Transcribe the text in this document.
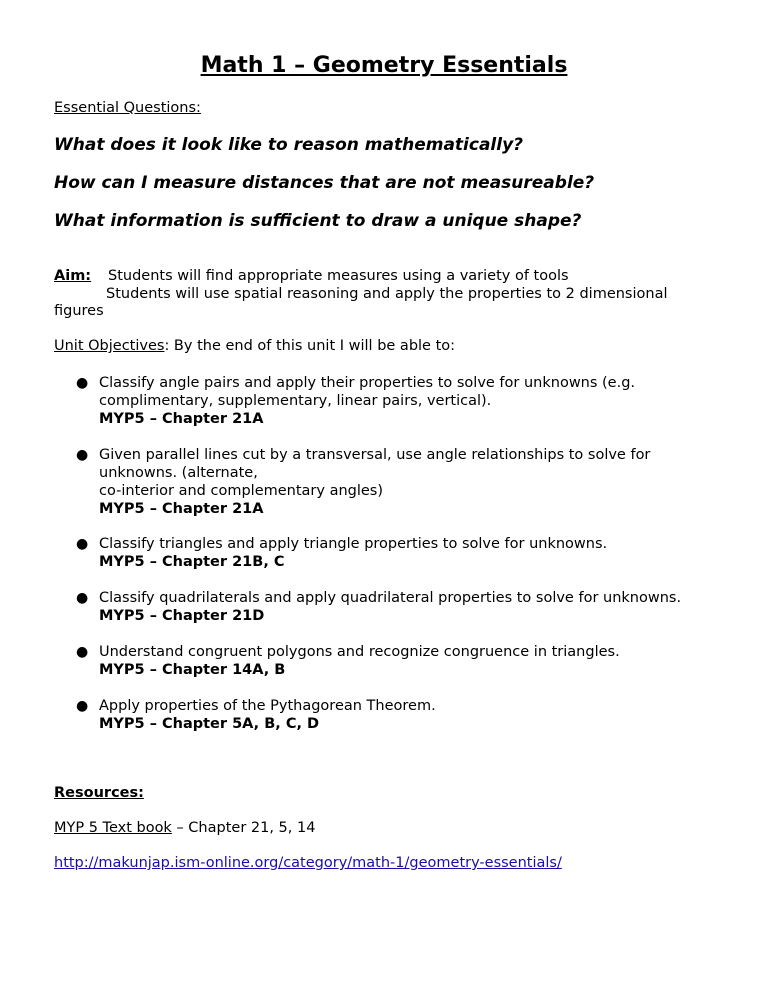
Math 1 – Geometry Essentials
Essential Questions:
What does it look like to reason mathematically?
How can I measure distances that are not measureable?
What information is sufficient to draw a unique shape?
Aim: Students will find appropriate measures using a variety of tools
Students will use spatial reasoning and apply the properties to 2 dimensional
figures
Unit Objectives: By the end of this unit I will be able to:
● Classify angle pairs and apply their properties to solve for unknowns (e.g.
complimentary, supplementary, linear pairs, vertical).
MYP5 – Chapter 21A
● Given parallel lines cut by a transversal, use angle relationships to solve for
unknowns. (alternate,
co-interior and complementary angles)
MYP5 – Chapter 21A
● Classify triangles and apply triangle properties to solve for unknowns.
MYP5 – Chapter 21B, C
● Classify quadrilaterals and apply quadrilateral properties to solve for unknowns.
MYP5 – Chapter 21D
● Understand congruent polygons and recognize congruence in triangles.
MYP5 – Chapter 14A, B
● Apply properties of the Pythagorean Theorem.
MYP5 – Chapter 5A, B, C, D
Resources:
MYP 5 Text book – Chapter 21, 5, 14
http://makunjap.ism-online.org/category/math-1/geometry-essentials/
